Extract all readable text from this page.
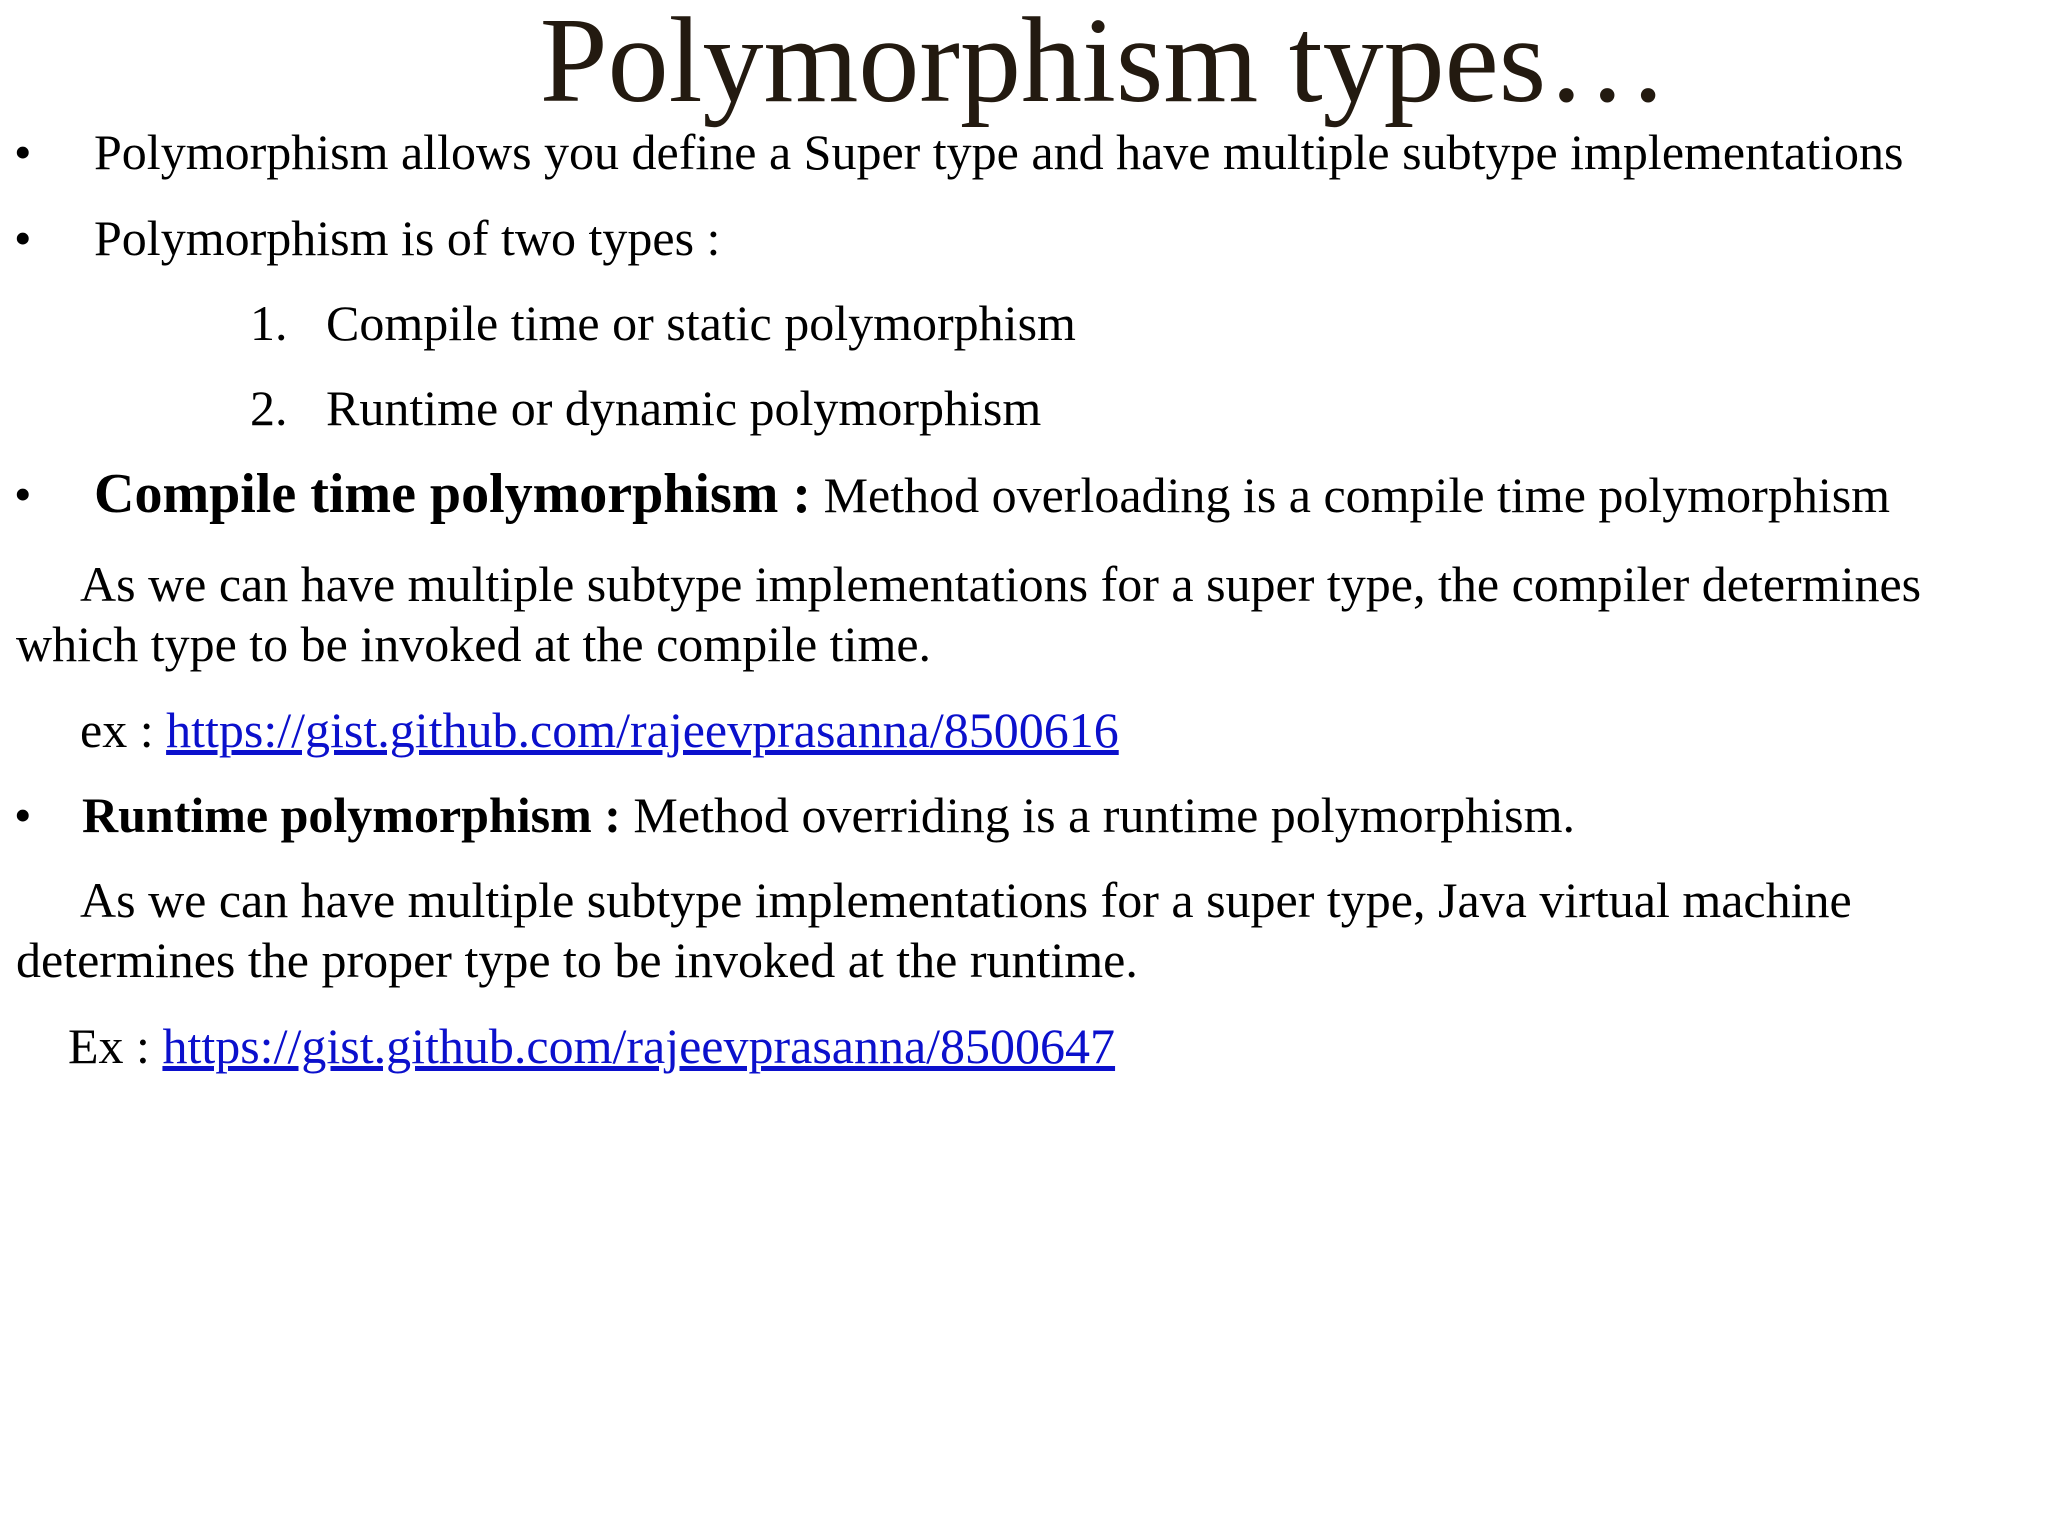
Polymorphism types…
• Polymorphism allows you define a Super type and have multiple subtype implementations
• Polymorphism is of two types :
1. Compile time or static polymorphism
2. Runtime or dynamic polymorphism
• Compile time polymorphism : Method overloading is a compile time polymorphism
As we can have multiple subtype implementations for a super type, the compiler determines
which type to be invoked at the compile time.
ex : https://gist.github.com/rajeevprasanna/8500616
• Runtime polymorphism : Method overriding is a runtime polymorphism.
As we can have multiple subtype implementations for a super type, Java virtual machine
determines the proper type to be invoked at the runtime.
Ex : https://gist.github.com/rajeevprasanna/8500647
